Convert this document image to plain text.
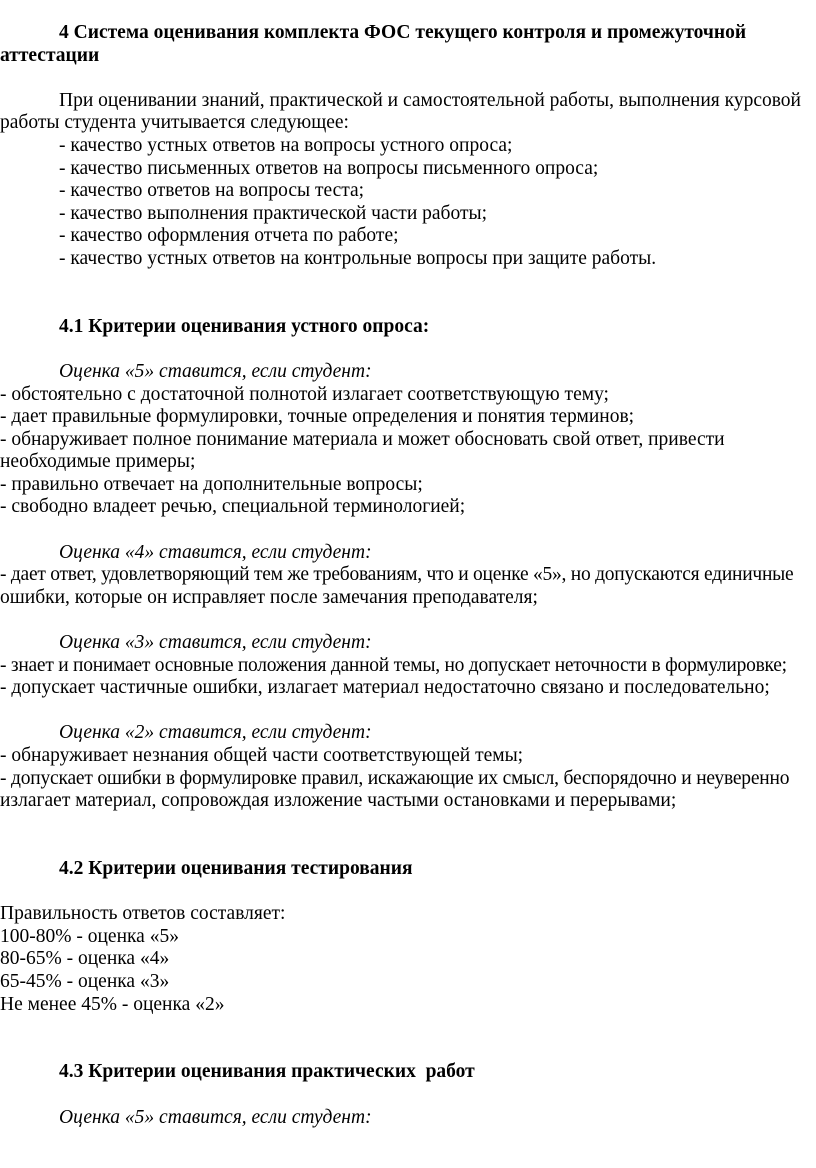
4 Система оценивания комплекта ФОС текущего контроля и промежуточной

аттестации

При оценивании знаний, практической и самостоятельной работы, выполнения курсовой

работы студента учитывается следующее:

- качество устных ответов на вопросы устного опроса;

- качество письменных ответов на вопросы письменного опроса;

- качество ответов на вопросы теста;

- качество выполнения практической части работы;

- качество оформления отчета по работе;

- качество устных ответов на контрольные вопросы при защите работы.

4.1 Критерии оценивания устного опроса:

Оценка «5» ставится, если студент:

- обстоятельно с достаточной полнотой излагает соответствующую тему;

- дает правильные формулировки, точные определения и понятия терминов;

- обнаруживает полное понимание материала и может обосновать свой ответ, привести

необходимые примеры;

- правильно отвечает на дополнительные вопросы;

- свободно владеет речью, специальной терминологией;

Оценка «4» ставится, если студент:

- дает ответ, удовлетворяющий тем же требованиям, что и оценке «5», но допускаются единичные

ошибки, которые он исправляет после замечания преподавателя;

Оценка «3» ставится, если студент:

- знает и понимает основные положения данной темы, но допускает неточности в формулировке;

- допускает частичные ошибки, излагает материал недостаточно связано и последовательно;

Оценка «2» ставится, если студент:

- обнаруживает незнания общей части соответствующей темы;

- допускает ошибки в формулировке правил, искажающие их смысл, беспорядочно и неуверенно

излагает материал, сопровождая изложение частыми остановками и перерывами;

4.2 Критерии оценивания тестирования

Правильность ответов составляет:

100-80% - оценка «5»

80-65% - оценка «4»

65-45% - оценка «3»

Не менее 45% - оценка «2»

4.3 Критерии оценивания практических  работ

Оценка «5» ставится, если студент:
